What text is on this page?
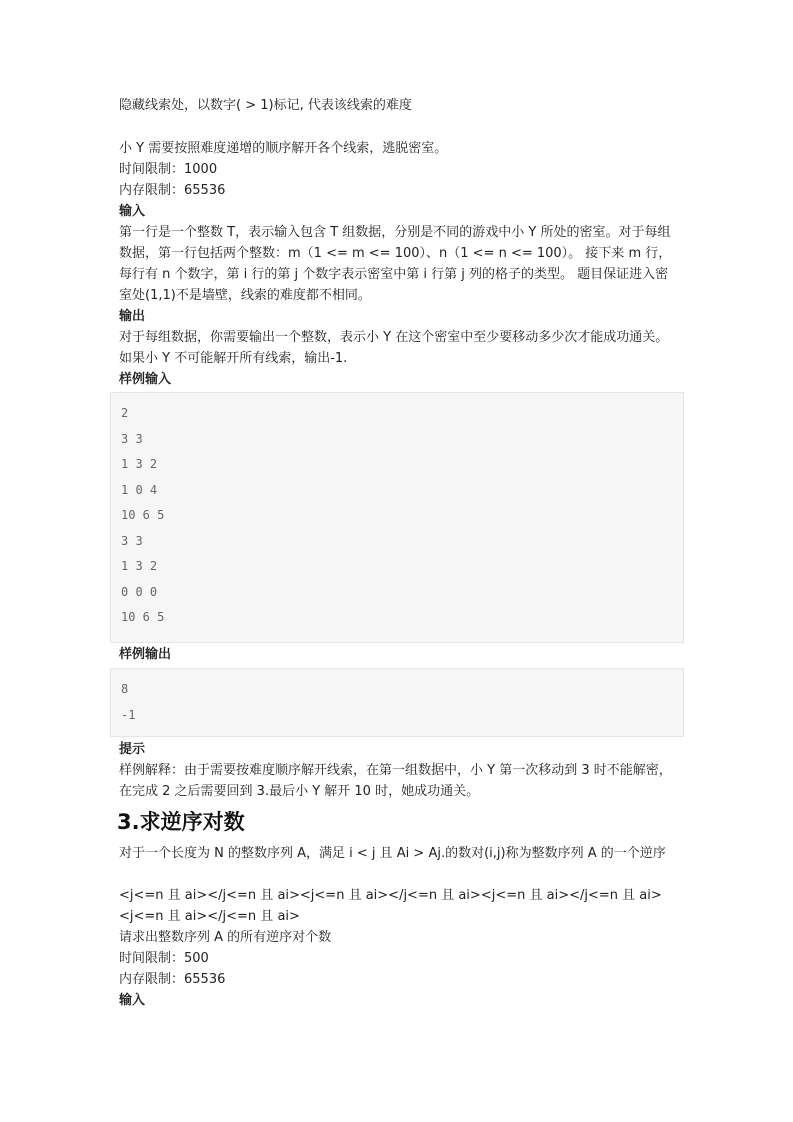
隐藏线索处，以数字( > 1)标记, 代表该线索的难度

小 Y 需要按照难度递增的顺序解开各个线索，逃脱密室。

时间限制：1000

内存限制：65536

输入

第一行是一个整数 T，表示输入包含 T 组数据，分别是不同的游戏中小 Y 所处的密室。对于每组数据，第一行包括两个整数：m（1 <= m <= 100）、n（1 <= n <= 100）。 接下来 m 行，每行有 n 个数字，第 i 行的第 j 个数字表示密室中第 i 行第 j 列的格子的类型。 题目保证进入密室处(1,1)不是墙壁，线索的难度都不相同。

输出

对于每组数据，你需要输出一个整数，表示小 Y 在这个密室中至少要移动多少次才能成功通关。 如果小 Y 不可能解开所有线索，输出-1.

样例输入

2
3 3
1 3 2
1 0 4
10 6 5
3 3
1 3 2
0 0 0
10 6 5

样例输出

8
-1

提示

样例解释：由于需要按难度顺序解开线索，在第一组数据中，小 Y 第一次移动到 3 时不能解密，在完成 2 之后需要回到 3.最后小 Y 解开 10 时，她成功通关。

3.求逆序对数

对于一个长度为 N 的整数序列 A，满足 i < j 且 Ai > Aj.的数对(i,j)称为整数序列 A 的一个逆序

<j<=n 且 ai></j<=n 且 ai><j<=n 且 ai></j<=n 且 ai><j<=n 且 ai></j<=n 且 ai><j<=n 且 ai></j<=n 且 ai>

请求出整数序列 A 的所有逆序对个数

时间限制：500

内存限制：65536

输入
